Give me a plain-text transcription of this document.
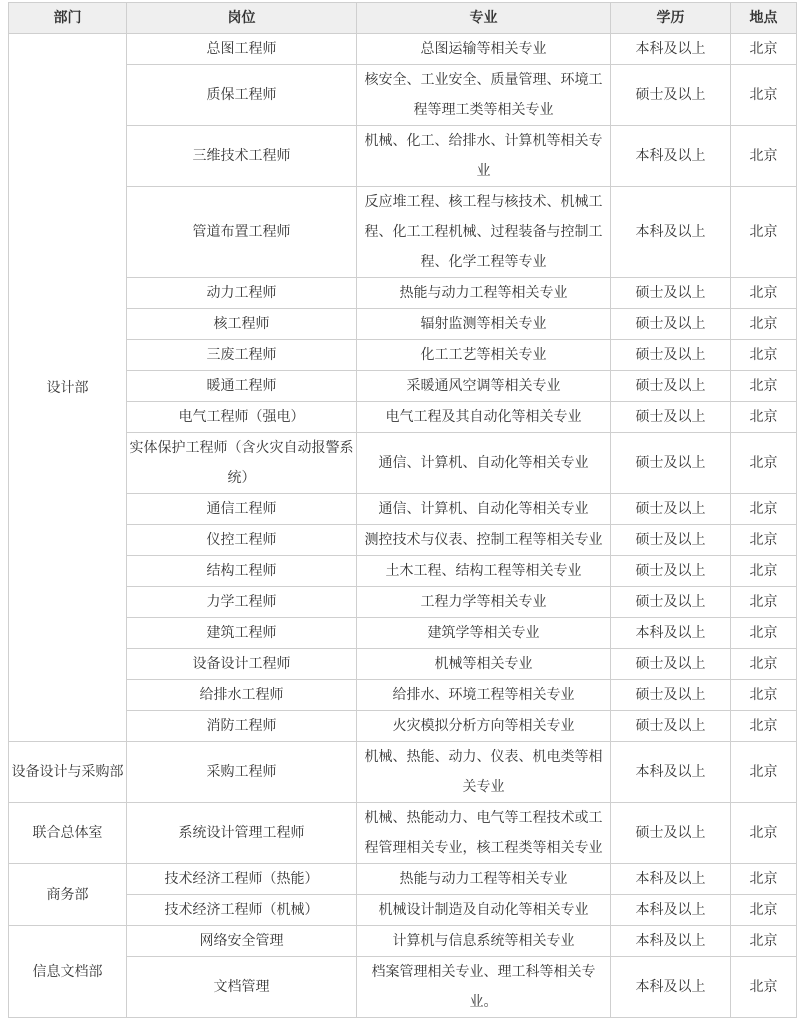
部门	岗位	专业	学历	地点
设计部	总图工程师	总图运输等相关专业	本科及以上	北京
	质保工程师	核安全、工业安全、质量管理、环境工程等理工类等相关专业	硕士及以上	北京
	三维技术工程师	机械、化工、给排水、计算机等相关专业	本科及以上	北京
	管道布置工程师	反应堆工程、核工程与核技术、机械工程、化工工程机械、过程装备与控制工程、化学工程等专业	本科及以上	北京
	动力工程师	热能与动力工程等相关专业	硕士及以上	北京
	核工程师	辐射监测等相关专业	硕士及以上	北京
	三废工程师	化工工艺等相关专业	硕士及以上	北京
	暖通工程师	采暖通风空调等相关专业	硕士及以上	北京
	电气工程师（强电）	电气工程及其自动化等相关专业	硕士及以上	北京
	实体保护工程师（含火灾自动报警系统）	通信、计算机、自动化等相关专业	硕士及以上	北京
	通信工程师	通信、计算机、自动化等相关专业	硕士及以上	北京
	仪控工程师	测控技术与仪表、控制工程等相关专业	硕士及以上	北京
	结构工程师	土木工程、结构工程等相关专业	硕士及以上	北京
	力学工程师	工程力学等相关专业	硕士及以上	北京
	建筑工程师	建筑学等相关专业	本科及以上	北京
	设备设计工程师	机械等相关专业	硕士及以上	北京
	给排水工程师	给排水、环境工程等相关专业	硕士及以上	北京
	消防工程师	火灾模拟分析方向等相关专业	硕士及以上	北京
设备设计与采购部	采购工程师	机械、热能、动力、仪表、机电类等相关专业	本科及以上	北京
联合总体室	系统设计管理工程师	机械、热能动力、电气等工程技术或工程管理相关专业，核工程类等相关专业	硕士及以上	北京
商务部	技术经济工程师（热能）	热能与动力工程等相关专业	本科及以上	北京
	技术经济工程师（机械）	机械设计制造及自动化等相关专业	本科及以上	北京
信息文档部	网络安全管理	计算机与信息系统等相关专业	本科及以上	北京
	文档管理	档案管理相关专业、理工科等相关专业。	本科及以上	北京
